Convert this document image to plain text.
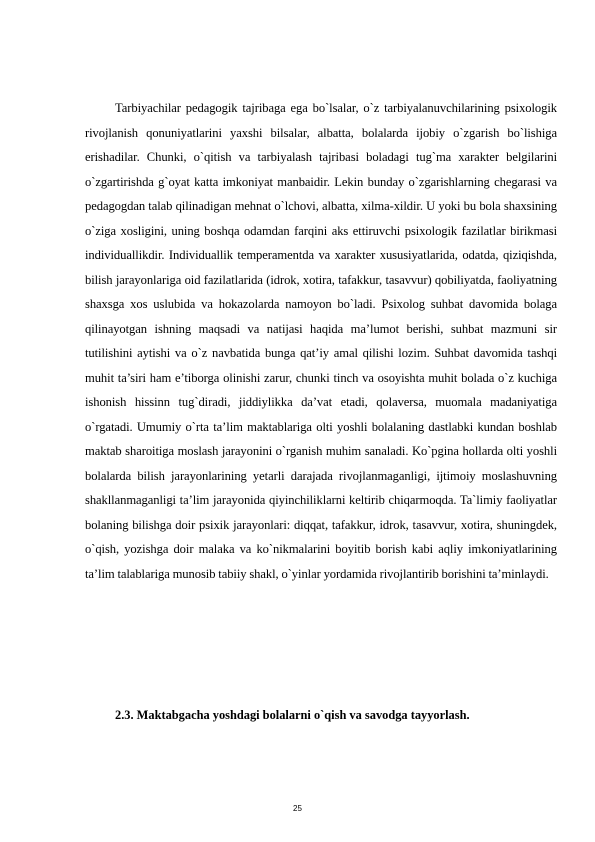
Tarbiyachilar pedagogik tajribaga ega bo`lsalar, o`z tarbiyalanuvchilarining psixologik rivojlanish qonuniyatlarini yaxshi bilsalar, albatta, bolalarda ijobiy o`zgarish bo`lishiga erishadilar. Chunki, o`qitish va tarbiyalash tajribasi boladagi tug`ma xarakter belgilarini o`zgartirishda g`oyat katta imkoniyat manbaidir. Lekin bunday o`zgarishlarning chegarasi va pedagogdan talab qilinadigan mehnat o`lchovi, albatta, xilma-xildir. U yoki bu bola shaxsining o`ziga xosligini, uning boshqa odamdan farqini aks ettiruvchi psixologik fazilatlar birikmasi individuallikdir. Individuallik temperamentda va xarakter xususiyatlarida, odatda, qiziqishda, bilish jarayonlariga oid fazilatlarida (idrok, xotira, tafakkur, tasavvur) qobiliyatda, faoliyatning shaxsga xos uslubida va hokazolarda namoyon bo`ladi. Psixolog suhbat davomida bolaga qilinayotgan ishning maqsadi va natijasi haqida ma’lumot berishi, suhbat mazmuni sir tutilishini aytishi va o`z navbatida bunga qat’iy amal qilishi lozim. Suhbat davomida tashqi muhit ta’siri ham e’tiborga olinishi zarur, chunki tinch va osoyishta muhit bolada o`z kuchiga ishonish hissinn tug`diradi, jiddiylikka da’vat etadi, qolaversa, muomala madaniyatiga o`rgatadi. Umumiy o`rta ta’lim maktablariga olti yoshli bolalaning dastlabki kundan boshlab maktab sharoitiga moslash jarayonini o`rganish muhim sanaladi. Ko`pgina hollarda olti yoshli bolalarda bilish jarayonlarining yetarli darajada rivojlanmaganligi, ijtimoiy moslashuvning shakllanmaganligi ta’lim jarayonida qiyinchiliklarni keltirib chiqarmoqda. Ta`limiy faoliyatlar bolaning bilishga doir psixik jarayonlari: diqqat, tafakkur, idrok, tasavvur, xotira, shuningdek, o`qish, yozishga doir malaka va ko`nikmalarini boyitib borish kabi aqliy imkoniyatlarining ta’lim talablariga munosib tabiiy shakl, o`yinlar yordamida rivojlantirib borishini ta’minlaydi.

2.3. Maktabgacha yoshdagi bolalarni o`qish va savodga tayyorlash.

25
